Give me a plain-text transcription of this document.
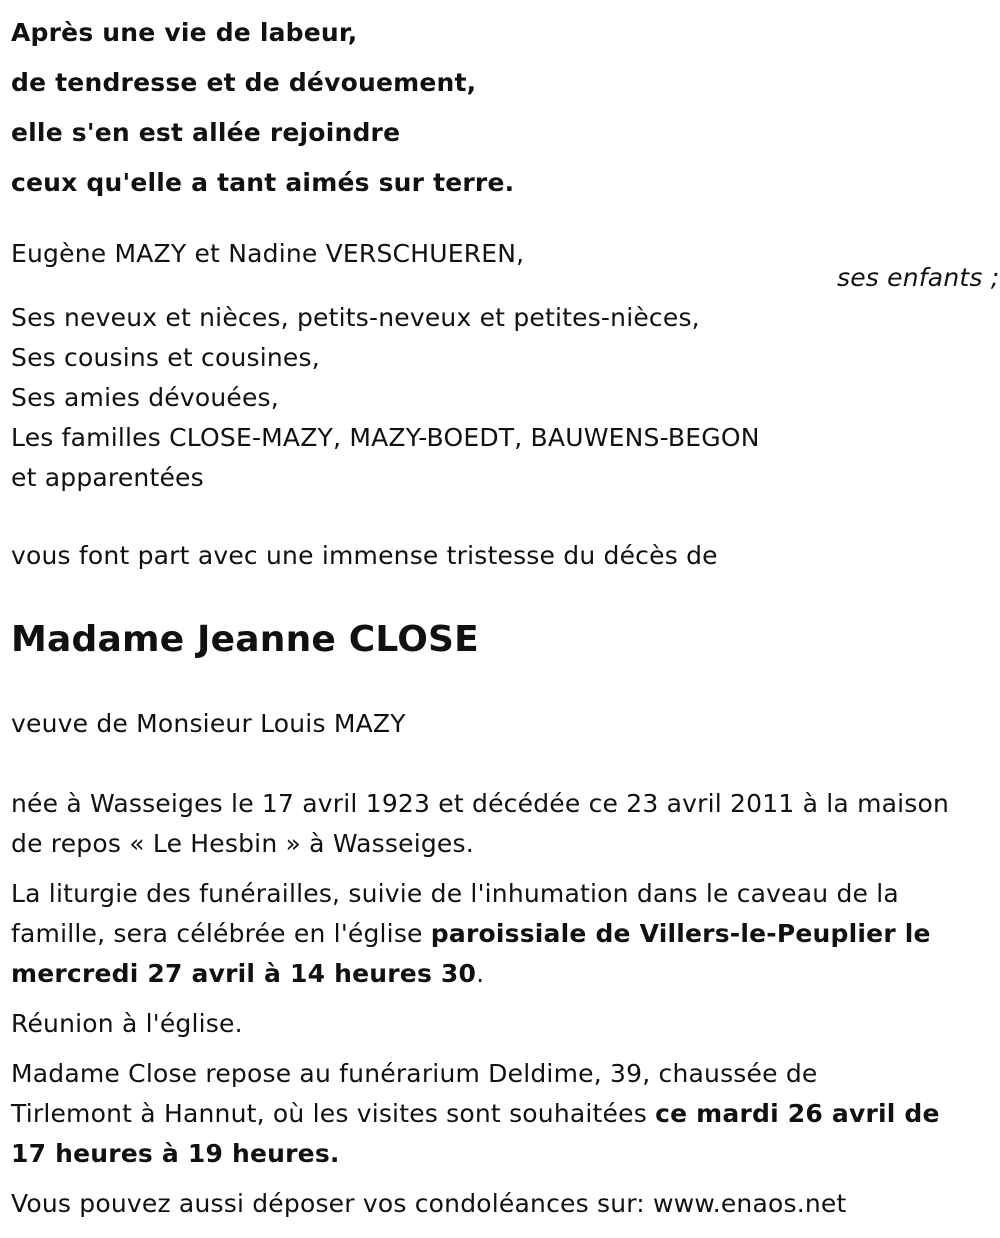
Après une vie de labeur,
de tendresse et de dévouement,
elle s'en est allée rejoindre
ceux qu'elle a tant aimés sur terre.
Eugène MAZY et Nadine VERSCHUEREN,
ses enfants ;
Ses neveux et nièces, petits-neveux et petites-nièces,
Ses cousins et cousines,
Ses amies dévouées,
Les familles CLOSE-MAZY, MAZY-BOEDT, BAUWENS-BEGON
et apparentées
vous font part avec une immense tristesse du décès de
Madame Jeanne CLOSE
veuve de Monsieur Louis MAZY

née à Wasseiges le 17 avril 1923 et décédée ce 23 avril 2011 à la maison
de repos « Le Hesbin » à Wasseiges.

La liturgie des funérailles, suivie de l'inhumation dans le caveau de la
famille, sera célébrée en l'église paroissiale de Villers-le-Peuplier le
mercredi 27 avril à 14 heures 30.

Réunion à l'église.

Madame Close repose au funérarium Deldime, 39, chaussée de
Tirlemont à Hannut, où les visites sont souhaitées ce mardi 26 avril de
17 heures à 19 heures.

Vous pouvez aussi déposer vos condoléances sur: www.enaos.net
